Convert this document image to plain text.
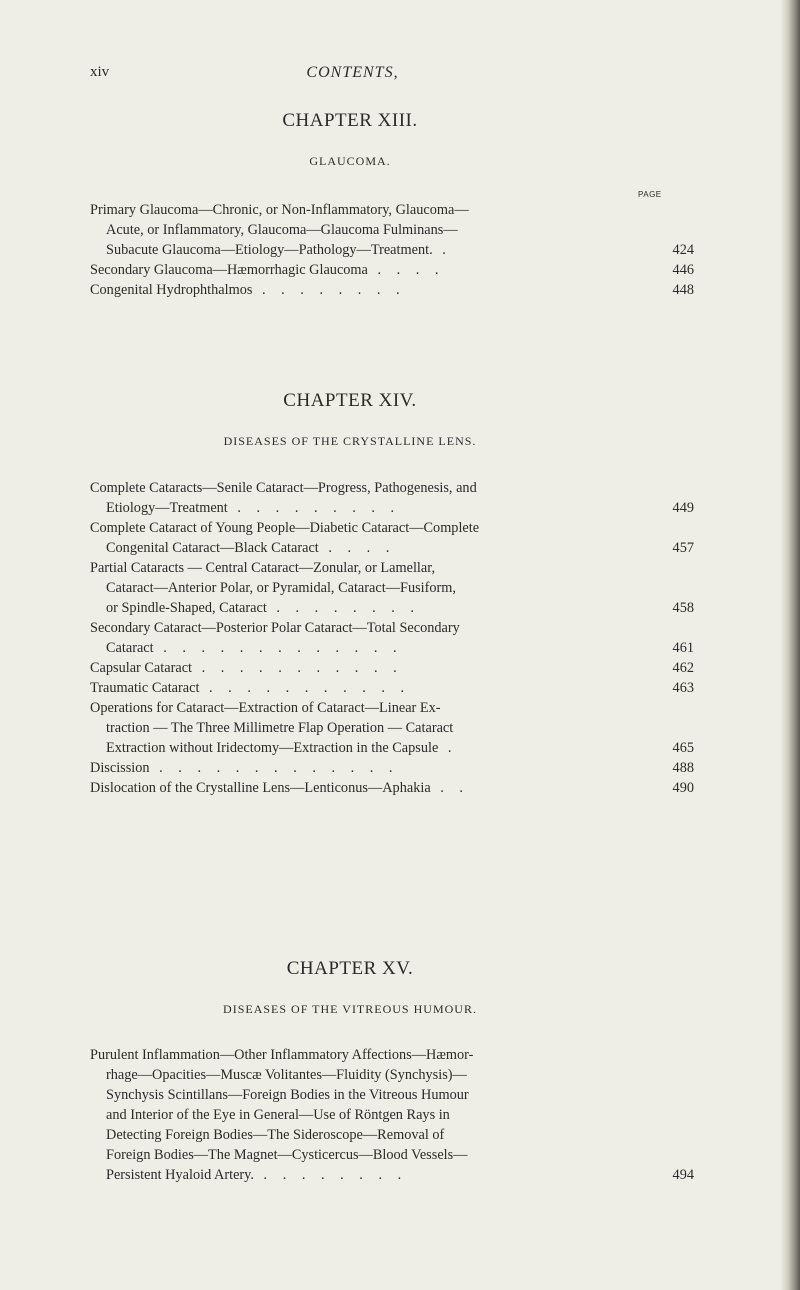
xiv	CONTENTS,
CHAPTER XIII.
GLAUCOMA.
PAGE
Primary Glaucoma—Chronic, or Non-Inflammatory, Glaucoma—
Acute, or Inflammatory, Glaucoma—Glaucoma Fulminans—
Subacute Glaucoma—Etiology—Pathology—Treatment. .	424
Secondary Glaucoma—Hæmorrhagic Glaucoma . . . .	446
Congenital Hydrophthalmos . . . . . . . .	448
CHAPTER XIV.
DISEASES OF THE CRYSTALLINE LENS.
Complete Cataracts—Senile Cataract—Progress, Pathogenesis, and
Etiology—Treatment . . . . . . . . .	449
Complete Cataract of Young People—Diabetic Cataract—Complete
Congenital Cataract—Black Cataract . . . .	457
Partial Cataracts — Central Cataract—Zonular, or Lamellar,
Cataract—Anterior Polar, or Pyramidal, Cataract—Fusiform,
or Spindle-Shaped, Cataract . . . . . . . .	458
Secondary Cataract—Posterior Polar Cataract—Total Secondary
Cataract . . . . . . . . . . . . .	461
Capsular Cataract . . . . . . . . . . .	462
Traumatic Cataract . . . . . . . . . . .	463
Operations for Cataract—Extraction of Cataract—Linear Ex-
traction — The Three Millimetre Flap Operation — Cataract
Extraction without Iridectomy—Extraction in the Capsule .	465
Discission . . . . . . . . . . . . .	488
Dislocation of the Crystalline Lens—Lenticonus—Aphakia . .	490
CHAPTER XV.
DISEASES OF THE VITREOUS HUMOUR.
Purulent Inflammation—Other Inflammatory Affections—Hæmor-
rhage—Opacities—Muscæ Volitantes—Fluidity (Synchysis)—
Synchysis Scintillans—Foreign Bodies in the Vitreous Humour
and Interior of the Eye in General—Use of Röntgen Rays in
Detecting Foreign Bodies—The Sideroscope—Removal of
Foreign Bodies—The Magnet—Cysticercus—Blood Vessels—
Persistent Hyaloid Artery. . . . . . . . .	494
